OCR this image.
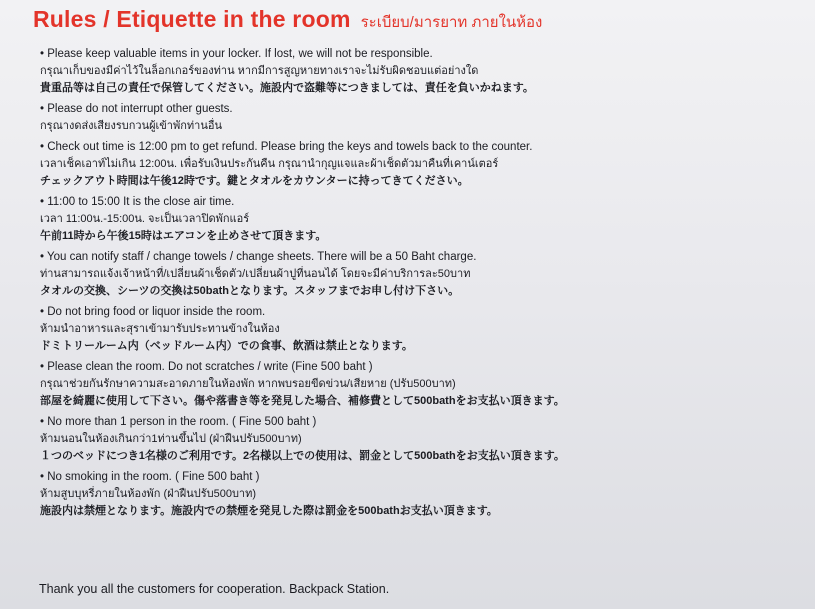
Rules / Etiquette in the room ระเบียบ/มารยาท ภายในห้อง
• Please keep valuable items in your locker. If lost, we will not be responsible.
กรุณาเก็บของมีค่าไว้ในล็อกเกอร์ของท่าน หากมีการสูญหายทางเราจะไม่รับผิดชอบแต่อย่างใด
貴重品等は自己の責任で保管してください。施設内で盗難等につきましては、責任を負いかねます。
• Please do not interrupt other guests.
กรุณางดส่งเสียงรบกวนผู้เข้าพักท่านอื่น
• Check out time is 12:00 pm to get refund. Please bring the keys and towels back to the counter.
เวลาเช็คเอาท์ไม่เกิน 12:00น. เพื่อรับเงินประกันคืน กรุณานำกุญแจและผ้าเช็ดตัวมาคืนที่เคาน์เตอร์
チェックアウト時間は午後12時です。鍵とタオルをカウンターに持ってきてください。
• 11:00 to 15:00 It is the close air time.
เวลา 11:00น.-15:00น. จะเป็นเวลาปิดพักแอร์
午前11時から午後15時はエアコンを止めさせて頂きます。
• You can notify staff / change towels / change sheets. There will be a 50 Baht charge.
ท่านสามารถแจ้งเจ้าหน้าที่/เปลี่ยนผ้าเช็ดตัว/เปลี่ยนผ้าปูที่นอนได้ โดยจะมีค่าบริการละ50บาท
タオルの交換、シーツの交換は50bathとなります。スタッフまでお申し付け下さい。
• Do not bring food or liquor inside the room.
ห้ามนำอาหารและสุราเข้ามารับประทานข้างในห้อง
ドミトリールーム内（ベッドルーム内）での食事、飲酒は禁止となります。
• Please clean the room. Do not scratches / write (Fine 500 baht )
กรุณาช่วยกันรักษาความสะอาดภายในห้องพัก หากพบรอยขีดข่วน/เสียหาย (ปรับ500บาท)
部屋を綺麗に使用して下さい。傷や落書き等を発見した場合、補修費として500bathをお支払い頂きます。
• No more than 1 person in the room. ( Fine 500 baht )
ห้ามนอนในห้องเกินกว่า1ท่านขึ้นไป (ฝ่าฝืนปรับ500บาท)
１つのベッドにつき1名様のご利用です。2名様以上での使用は、罰金として500bathをお支払い頂きます。
• No smoking in the room. ( Fine 500 baht )
ห้ามสูบบุหรี่ภายในห้องพัก (ฝ่าฝืนปรับ500บาท)
施設内は禁煙となります。施設内での禁煙を発見した際は罰金を500bathお支払い頂きます。
Thank you all the customers for cooperation. Backpack Station.
